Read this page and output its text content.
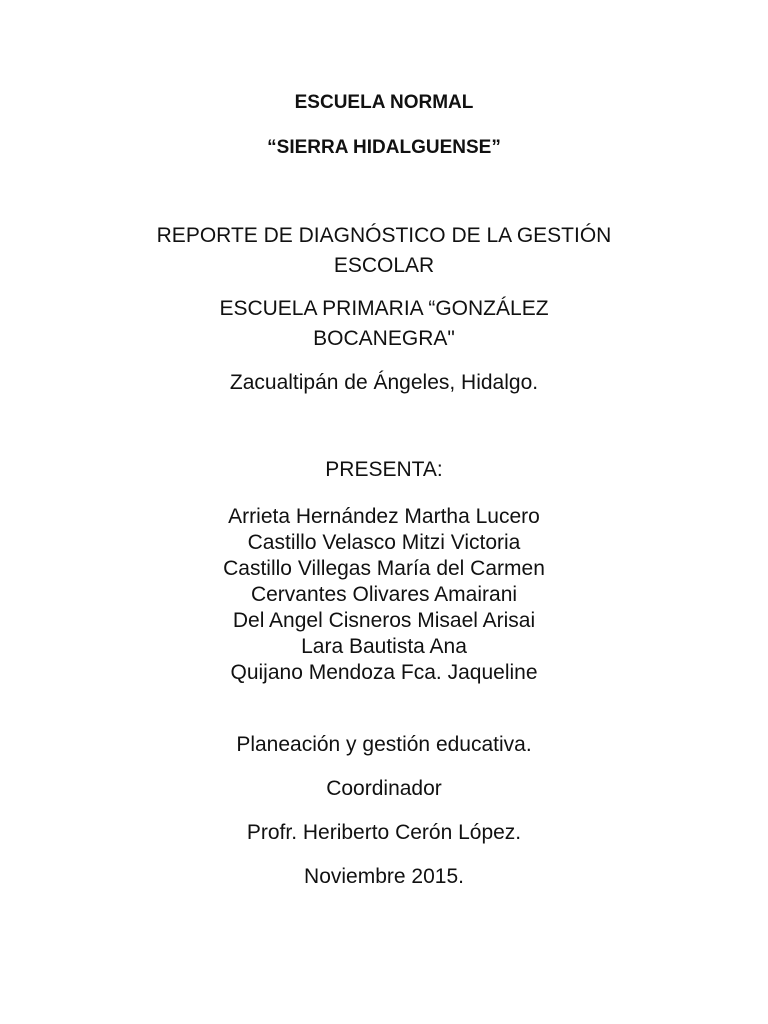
ESCUELA NORMAL
“SIERRA HIDALGUENSE”
REPORTE DE DIAGNÓSTICO DE LA GESTIÓN
ESCOLAR
ESCUELA PRIMARIA “GONZÁLEZ
BOCANEGRA"
Zacualtipán de Ángeles, Hidalgo.
PRESENTA:
Arrieta Hernández Martha Lucero
Castillo Velasco Mitzi Victoria
Castillo Villegas María del Carmen
Cervantes Olivares Amairani
Del Angel Cisneros Misael Arisai
Lara Bautista Ana
Quijano Mendoza Fca. Jaqueline
Planeación y gestión educativa.
Coordinador
Profr. Heriberto Cerón López.
Noviembre 2015.
